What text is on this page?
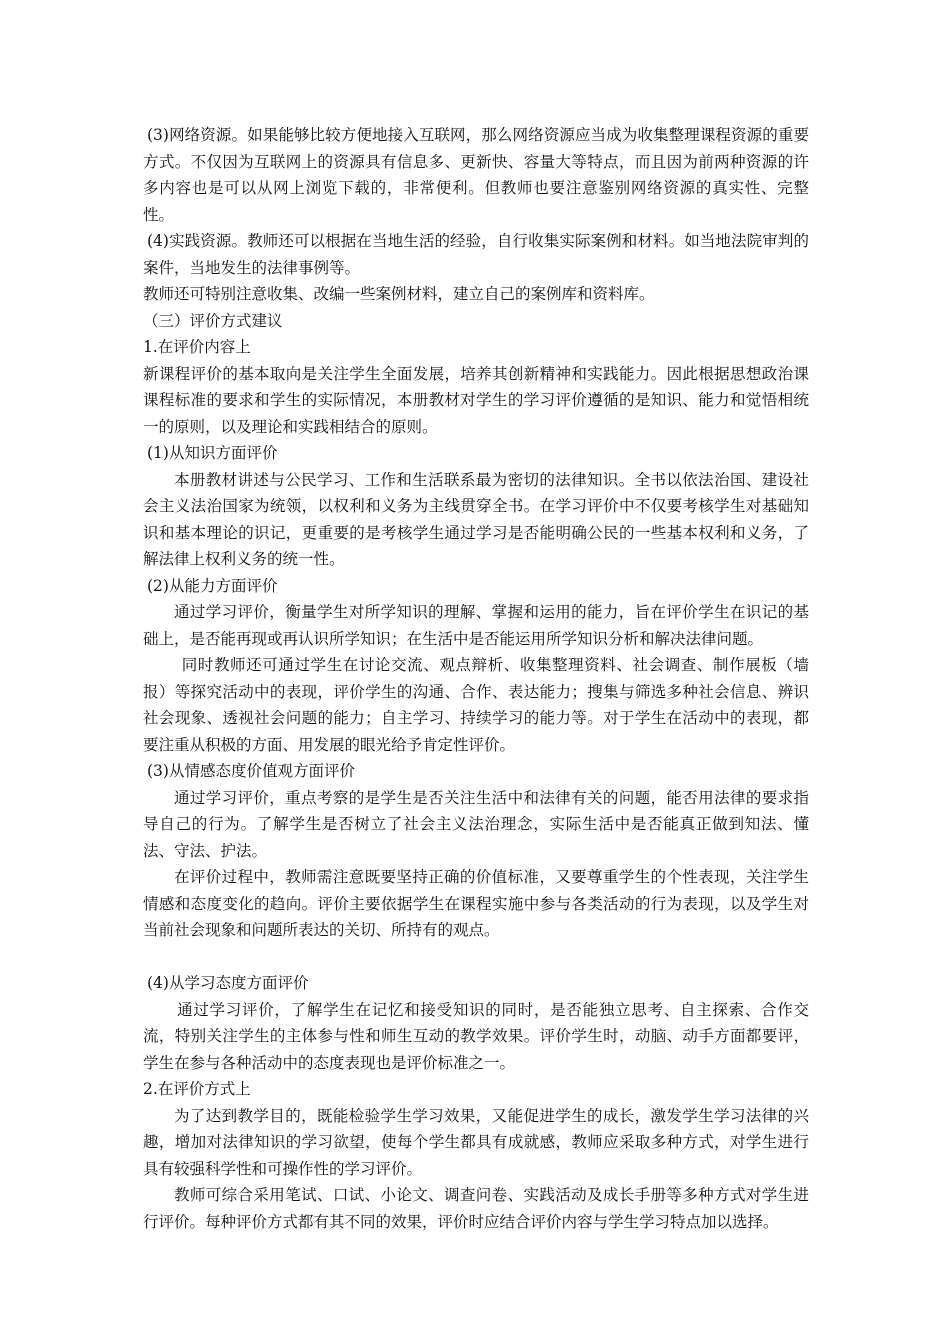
(3)网络资源。如果能够比较方便地接入互联网，那么网络资源应当成为收集整理课程资源的重要方式。不仅因为互联网上的资源具有信息多、更新快、容量大等特点，而且因为前两种资源的许多内容也是可以从网上浏览下载的，非常便利。但教师也要注意鉴别网络资源的真实性、完整性。

(4)实践资源。教师还可以根据在当地生活的经验，自行收集实际案例和材料。如当地法院审判的案件，当地发生的法律事例等。

教师还可特别注意收集、改编一些案例材料，建立自己的案例库和资料库。

（三）评价方式建议

1.在评价内容上

新课程评价的基本取向是关注学生全面发展，培养其创新精神和实践能力。因此根据思想政治课课程标准的要求和学生的实际情况，本册教材对学生的学习评价遵循的是知识、能力和觉悟相统一的原则，以及理论和实践相结合的原则。

(1)从知识方面评价

本册教材讲述与公民学习、工作和生活联系最为密切的法律知识。全书以依法治国、建设社会主义法治国家为统领，以权利和义务为主线贯穿全书。在学习评价中不仅要考核学生对基础知识和基本理论的识记，更重要的是考核学生通过学习是否能明确公民的一些基本权利和义务，了解法律上权利义务的统一性。

(2)从能力方面评价

通过学习评价，衡量学生对所学知识的理解、掌握和运用的能力，旨在评价学生在识记的基础上，是否能再现或再认识所学知识；在生活中是否能运用所学知识分析和解决法律问题。

同时教师还可通过学生在讨论交流、观点辩析、收集整理资料、社会调查、制作展板（墙报）等探究活动中的表现，评价学生的沟通、合作、表达能力；搜集与筛选多种社会信息、辨识社会现象、透视社会问题的能力；自主学习、持续学习的能力等。对于学生在活动中的表现，都要注重从积极的方面、用发展的眼光给予肯定性评价。

(3)从情感态度价值观方面评价

通过学习评价，重点考察的是学生是否关注生活中和法律有关的问题，能否用法律的要求指导自己的行为。了解学生是否树立了社会主义法治理念，实际生活中是否能真正做到知法、懂法、守法、护法。

在评价过程中，教师需注意既要坚持正确的价值标准，又要尊重学生的个性表现，关注学生情感和态度变化的趋向。评价主要依据学生在课程实施中参与各类活动的行为表现，以及学生对当前社会现象和问题所表达的关切、所持有的观点。

(4)从学习态度方面评价

通过学习评价，了解学生在记忆和接受知识的同时，是否能独立思考、自主探索、合作交流，特别关注学生的主体参与性和师生互动的教学效果。评价学生时，动脑、动手方面都要评，学生在参与各种活动中的态度表现也是评价标准之一。

2.在评价方式上

为了达到教学目的，既能检验学生学习效果，又能促进学生的成长，激发学生学习法律的兴趣，增加对法律知识的学习欲望，使每个学生都具有成就感，教师应采取多种方式，对学生进行具有较强科学性和可操作性的学习评价。

教师可综合采用笔试、口试、小论文、调查问卷、实践活动及成长手册等多种方式对学生进行评价。每种评价方式都有其不同的效果，评价时应结合评价内容与学生学习特点加以选择。
